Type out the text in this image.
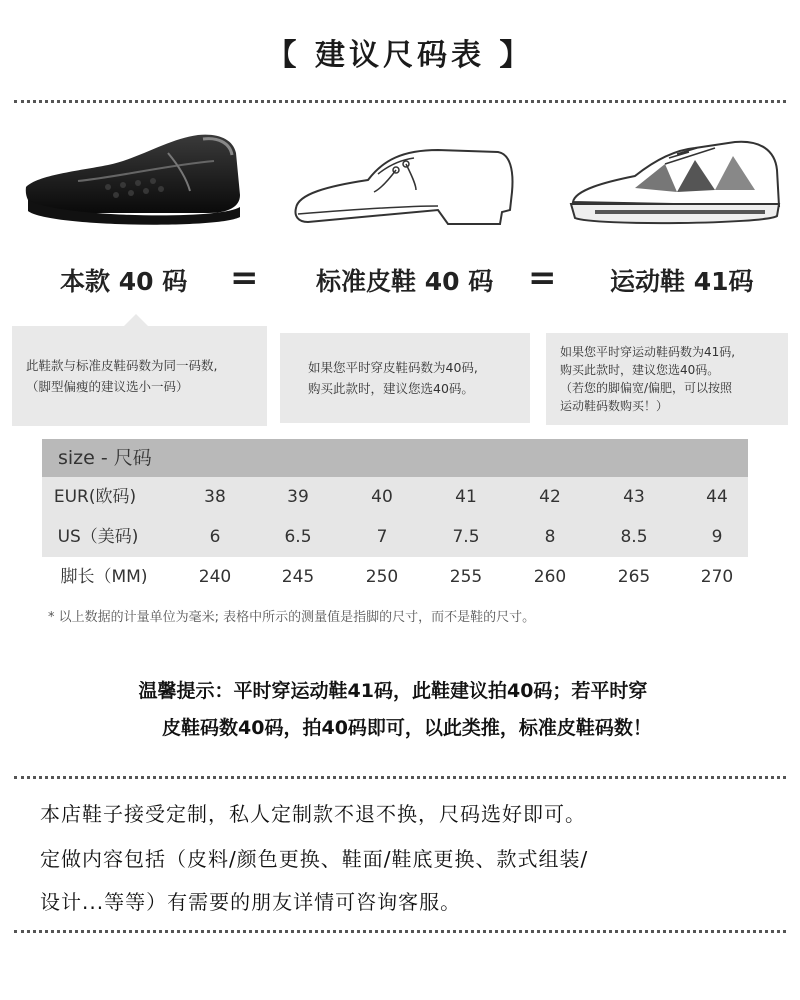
【 建议尺码表 】
本款 40 码 = 标准皮鞋 40 码 = 运动鞋 41码
此鞋款与标准皮鞋码数为同一码数,
（脚型偏瘦的建议选小一码）
如果您平时穿皮鞋码数为40码,
购买此款时，建议您选40码。
如果您平时穿运动鞋码数为41码,
购买此款时，建议您选40码。
（若您的脚偏宽/偏肥，可以按照
运动鞋码数购买！）
size - 尺码
EUR(欧码)	38	39	40	41	42	43	44
US（美码)	6	6.5	7	7.5	8	8.5	9
脚长（MM)	240	245	250	255	260	265	270
* 以上数据的计量单位为毫米; 表格中所示的测量值是指脚的尺寸，而不是鞋的尺寸。
温馨提示：平时穿运动鞋41码，此鞋建议拍40码；若平时穿
皮鞋码数40码，拍40码即可，以此类推，标准皮鞋码数！
本店鞋子接受定制，私人定制款不退不换，尺码选好即可。
定做内容包括（皮料/颜色更换、鞋面/鞋底更换、款式组装/
设计...等等）有需要的朋友详情可咨询客服。
